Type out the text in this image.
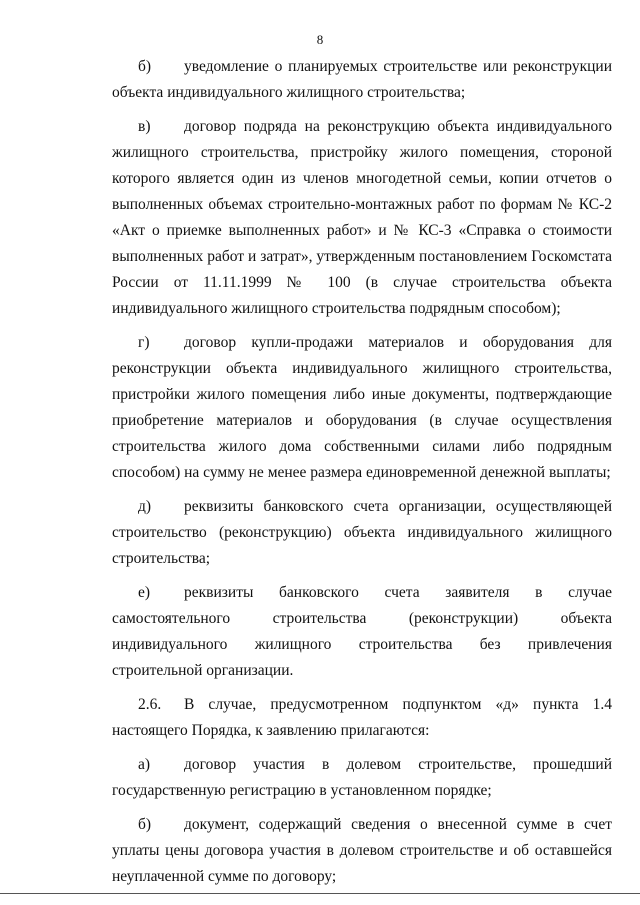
8

б) уведомление о планируемых строительстве или реконструкции объекта индивидуального жилищного строительства;

в) договор подряда на реконструкцию объекта индивидуального жилищного строительства, пристройку жилого помещения, стороной которого является один из членов многодетной семьи, копии отчетов о выполненных объемах строительно-монтажных работ по формам № КС-2 «Акт о приемке выполненных работ» и № КС-3 «Справка о стоимости выполненных работ и затрат», утвержденным постановлением Госкомстата России от 11.11.1999 № 100 (в случае строительства объекта индивидуального жилищного строительства подрядным способом);

г) договор купли-продажи материалов и оборудования для реконструкции объекта индивидуального жилищного строительства, пристройки жилого помещения либо иные документы, подтверждающие приобретение материалов и оборудования (в случае осуществления строительства жилого дома собственными силами либо подрядным способом) на сумму не менее размера единовременной денежной выплаты;

д) реквизиты банковского счета организации, осуществляющей строительство (реконструкцию) объекта индивидуального жилищного строительства;

е) реквизиты банковского счета заявителя в случае самостоятельного строительства (реконструкции) объекта индивидуального жилищного строительства без привлечения строительной организации.

2.6. В случае, предусмотренном подпунктом «д» пункта 1.4 настоящего Порядка, к заявлению прилагаются:

а) договор участия в долевом строительстве, прошедший государственную регистрацию в установленном порядке;

б) документ, содержащий сведения о внесенной сумме в счет уплаты цены договора участия в долевом строительстве и об оставшейся неуплаченной сумме по договору;
